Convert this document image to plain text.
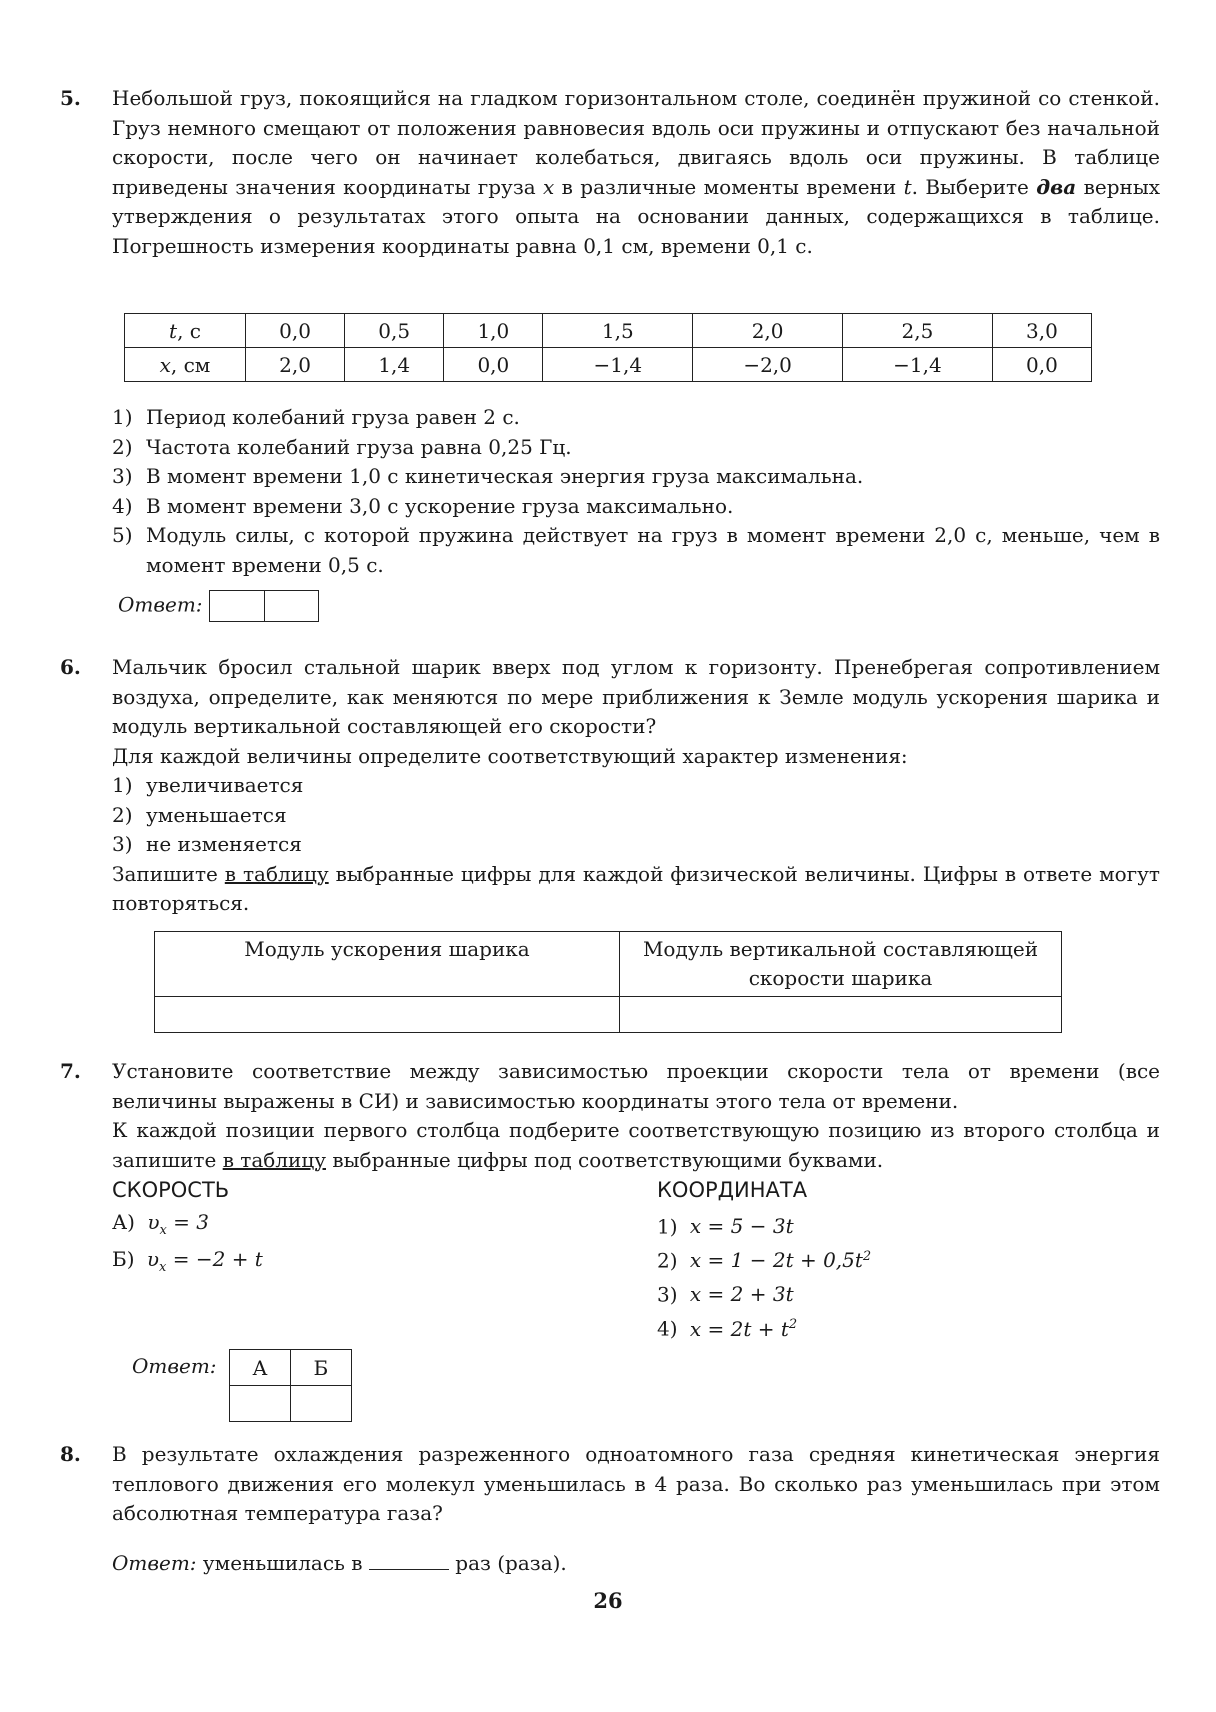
5. Небольшой груз, покоящийся на гладком горизонтальном столе, соединён пружиной со стенкой. Груз немного смещают от положения равновесия вдоль оси пружины и отпускают без начальной скорости, после чего он начинает колебаться, двигаясь вдоль оси пружины. В таблице приведены значения координаты груза x в различные моменты времени t. Выберите два верных утверждения о результатах этого опыта на основании данных, содержащихся в таблице. Погрешность измерения координаты равна 0,1 см, времени 0,1 с.

t, с	0,0	0,5	1,0	1,5	2,0	2,5	3,0
x, см	2,0	1,4	0,0	−1,4	−2,0	−1,4	0,0
1) Период колебаний груза равен 2 с.
2) Частота колебаний груза равна 0,25 Гц.
3) В момент времени 1,0 с кинетическая энергия груза максимальна.
4) В момент времени 3,0 с ускорение груза максимально.
5) Модуль силы, с которой пружина действует на груз в момент времени 2,0 с, меньше, чем в момент времени 0,5 с.
Ответ:
6. Мальчик бросил стальной шарик вверх под углом к горизонту. Пренебрегая сопротивлением воздуха, определите, как меняются по мере приближения к Земле модуль ускорения шарика и модуль вертикальной составляющей его скорости?

Для каждой величины определите соответствующий характер изменения:

1) увеличивается
2) уменьшается
3) не изменяется

Запишите в таблицу выбранные цифры для каждой физической величины. Цифры в ответе могут повторяться.

Модуль ускорения шарика	Модуль вертикальной составляющей скорости шарика

7. Установите соответствие между зависимостью проекции скорости тела от времени (все величины выражены в СИ) и зависимостью координаты этого тела от времени.

К каждой позиции первого столбца подберите соответствующую позицию из второго столбца и запишите в таблицу выбранные цифры под соответствующими буквами.

СКОРОСТЬ
А) $\upsilon_x = 3$
Б) $\upsilon_x = -2 + t$
КООРДИНАТА
1) x = 5 − 3t
2) $x = 1 - 2t + 0,5t^2$
3) x = 2 + 3t
4) $x = 2t + t^2$
Ответ: А	Б

8. В результате охлаждения разреженного одноатомного газа средняя кинетическая энергия теплового движения его молекул уменьшилась в 4 раза. Во сколько раз уменьшилась при этом абсолютная температура газа?

Ответ: уменьшилась в	раз (раза).
26
